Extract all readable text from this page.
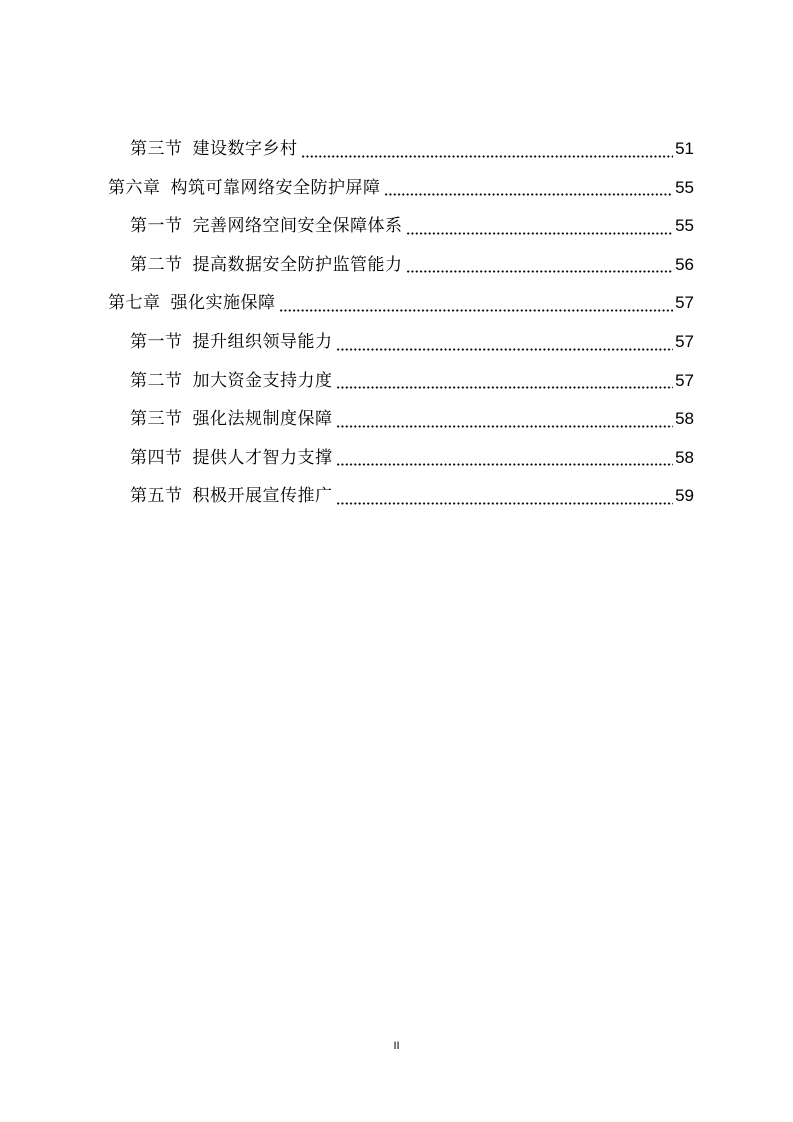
第三节 建设数字乡村	51
第六章 构筑可靠网络安全防护屏障	55
第一节 完善网络空间安全保障体系	55
第二节 提高数据安全防护监管能力	56
第七章 强化实施保障	57
第一节 提升组织领导能力	57
第二节 加大资金支持力度	57
第三节 强化法规制度保障	58
第四节 提供人才智力支撑	58
第五节 积极开展宣传推广	59
II
